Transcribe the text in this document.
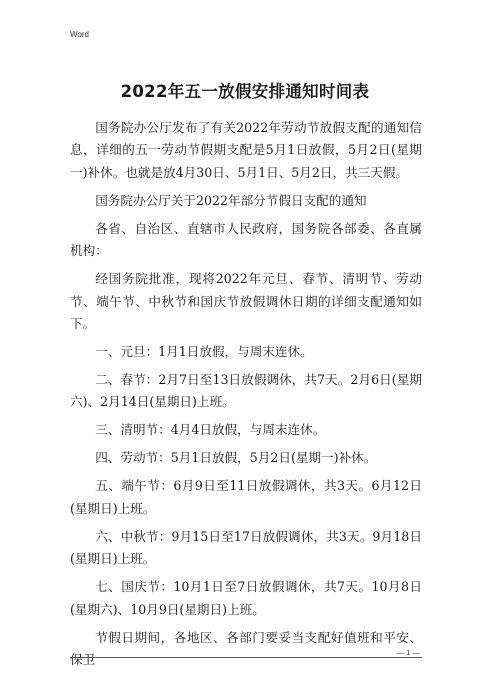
Word
2022年五一放假安排通知时间表

国务院办公厅发布了有关2022年劳动节放假支配的通知信息，详细的五一劳动节假期支配是5月1日放假，5月2日(星期一)补休。也就是放4月30日、5月1日、5月2日，共三天假。

国务院办公厅关于2022年部分节假日支配的通知

各省、自治区、直辖市人民政府，国务院各部委、各直属机构：

经国务院批准，现将2022年元旦、春节、清明节、劳动节、端午节、中秋节和国庆节放假调休日期的详细支配通知如下。

一、元旦：1月1日放假，与周末连休。

二、春节：2月7日至13日放假调休，共7天。2月6日(星期六)、2月14日(星期日)上班。

三、清明节：4月4日放假，与周末连休。

四、劳动节：5月1日放假，5月2日(星期一)补休。

五、端午节：6月9日至11日放假调休，共3天。6月12日(星期日)上班。

六、中秋节：9月15日至17日放假调休，共3天。9月18日(星期日)上班。

七、国庆节：10月1日至7日放假调休，共7天。10月8日(星期六)、10月9日(星期日)上班。

节假日期间，各地区、各部门要妥当支配好值班和平安、保卫	— 1 —
